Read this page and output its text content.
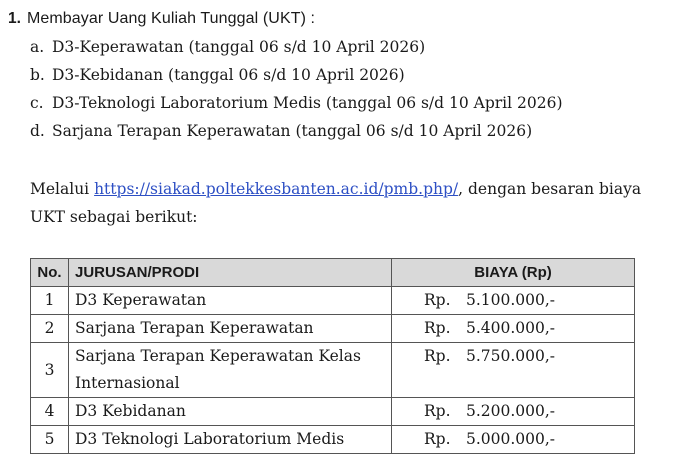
1. Membayar Uang Kuliah Tunggal (UKT) :
a. D3-Keperawatan (tanggal 06 s/d 10 April 2026)
b. D3-Kebidanan (tanggal 06 s/d 10 April 2026)
c. D3-Teknologi Laboratorium Medis (tanggal 06 s/d 10 April 2026)
d. Sarjana Terapan Keperawatan (tanggal 06 s/d 10 April 2026)
Melalui https://siakad.poltekkesbanten.ac.id/pmb.php/, dengan besaran biaya UKT sebagai berikut:
No.	JURUSAN/PRODI	BIAYA (Rp)
1	D3 Keperawatan	Rp. 5.100.000,-
2	Sarjana Terapan Keperawatan	Rp. 5.400.000,-
3	Sarjana Terapan Keperawatan Kelas Internasional	Rp. 5.750.000,-
4	D3 Kebidanan	Rp. 5.200.000,-
5	D3 Teknologi Laboratorium Medis	Rp. 5.000.000,-
